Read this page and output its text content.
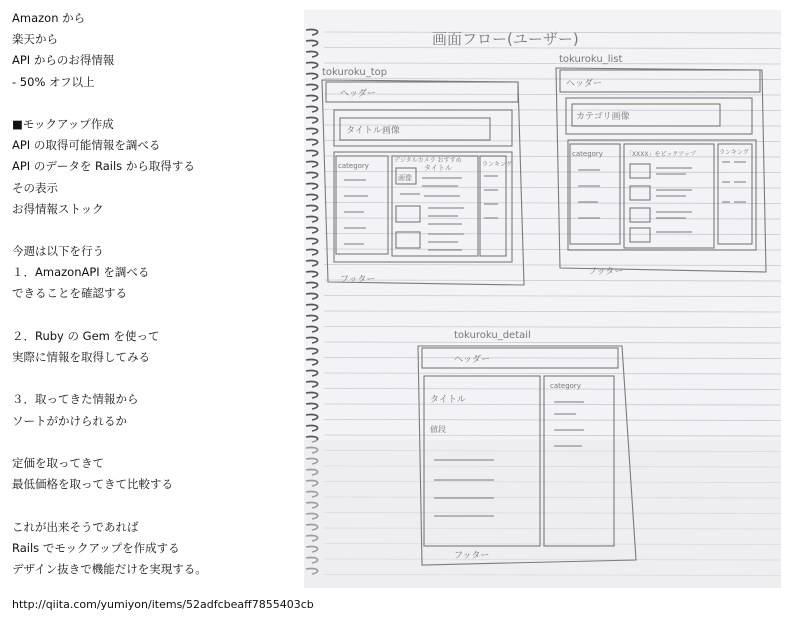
Amazon から
楽天から
API からのお得情報
- 50% オフ以上
■モックアップ作成
API の取得可能情報を調べる
API のデータを Rails から取得する
その表示
お得情報ストック
今週は以下を行う
１．AmazonAPI を調べる
できることを確認する
２．Ruby の Gem を使って
実際に情報を取得してみる
３．取ってきた情報から
ソートがかけられるか
定価を取ってきて
最低価格を取ってきて比較する
これが出来そうであれば
Rails でモックアップを作成する
デザイン抜きで機能だけを実現する。
http://qiita.com/yumiyon/items/52adfcbeaff7855403cb
画面フロー(ユーザー)
tokuroku_top
ヘッダー
タイトル画像
category
デジタルカメラ おすすめ
画像
タイトル	ランキング
フッター
tokuroku_list
ヘッダー
カテゴリ画像
category	「XXXX」をピックアップ	ランキング
フッター
tokuroku_detail
ヘッダー
タイトル
値段
category
フッター
